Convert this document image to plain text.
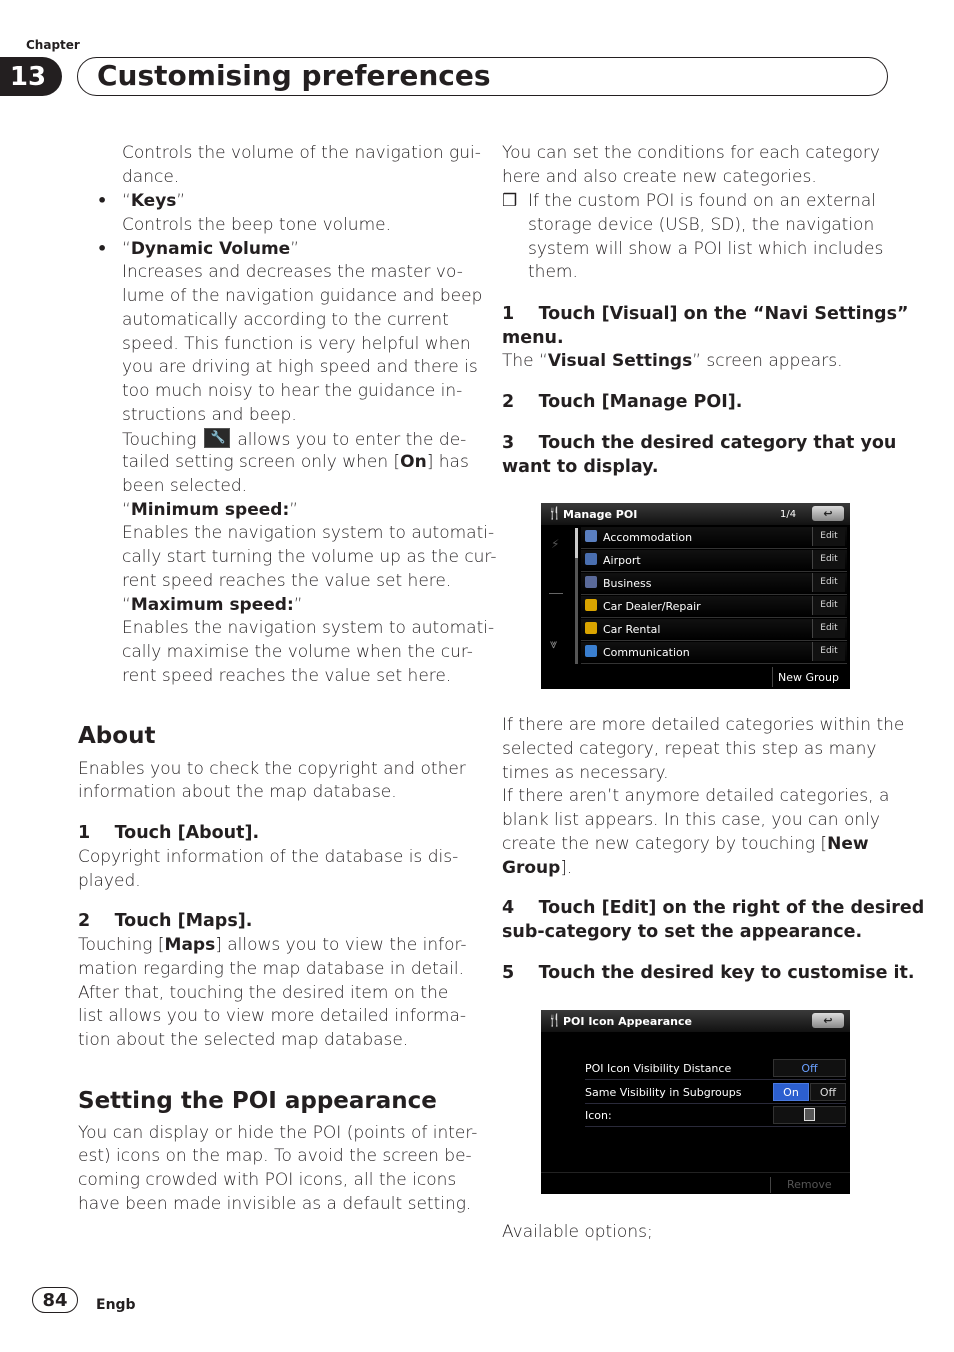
Chapter
13	Customising preferences
Controls the volume of the navigation gui-
dance.
• “Keys”
Controls the beep tone volume.
• “Dynamic Volume”
Increases and decreases the master vo-
lume of the navigation guidance and beep
automatically according to the current
speed. This function is very helpful when
you are driving at high speed and there is
too much noisy to hear the guidance in-
structions and beep.
Touching 🔧 allows you to enter the de-
tailed setting screen only when [On] has
been selected.
“Minimum speed:”
Enables the navigation system to automati-
cally start turning the volume up as the cur-
rent speed reaches the value set here.
“Maximum speed:”
Enables the navigation system to automati-
cally maximise the volume when the cur-
rent speed reaches the value set here.
About
Enables you to check the copyright and other
information about the map database.
1 Touch [About].
Copyright information of the database is dis-
played.
2 Touch [Maps].
Touching [Maps] allows you to view the infor-
mation regarding the map database in detail.
After that, touching the desired item on the
list allows you to view more detailed informa-
tion about the selected map database.
Setting the POI appearance
You can display or hide the POI (points of inter-
est) icons on the map. To avoid the screen be-
coming crowded with POI icons, all the icons
have been made invisible as a default setting.
You can set the conditions for each category
here and also create new categories.
❒ If the custom POI is found on an external
storage device (USB, SD), the navigation
system will show a POI list which includes
them.
1 Touch [Visual] on the “Navi Settings”
menu.
The “Visual Settings” screen appears.
2 Touch [Manage POI].
3 Touch the desired category that you
want to display.
🍴 Manage POI	1/4	↩
⚡
⩔
Accommodation	Edit
Airport	Edit
Business	Edit
Car Dealer/Repair	Edit
Car Rental	Edit
Communication	Edit
New Group
If there are more detailed categories within the
selected category, repeat this step as many
times as necessary.
If there aren’t anymore detailed categories, a
blank list appears. In this case, you can only
create the new category by touching [New
Group].
4 Touch [Edit] on the right of the desired
sub-category to set the appearance.
5 Touch the desired key to customise it.
🍴 POI Icon Appearance	↩
POI Icon Visibility Distance	Off
Same Visibility in Subgroups	On	Off
Icon:
Remove
Available options;
84	Engb
